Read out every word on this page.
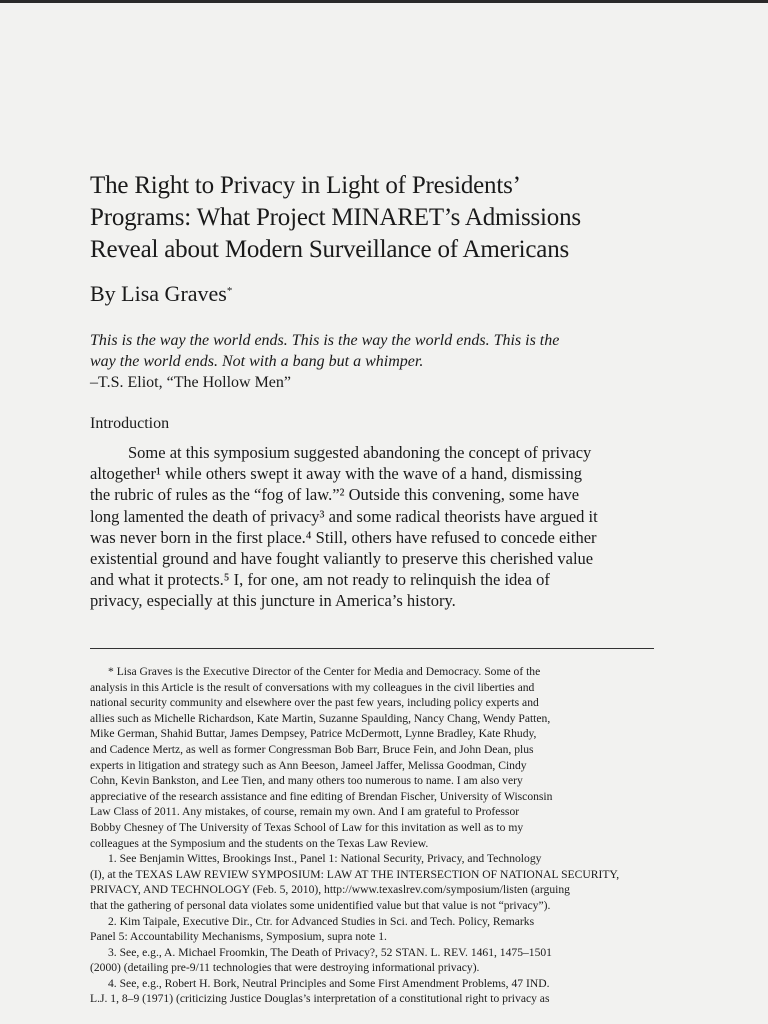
The Right to Privacy in Light of Presidents’
Programs: What Project MINARET’s Admissions
Reveal about Modern Surveillance of Americans
By Lisa Graves*
This is the way the world ends. This is the way the world ends. This is the
way the world ends. Not with a bang but a whimper.
–T.S. Eliot, “The Hollow Men”
Introduction
Some at this symposium suggested abandoning the concept of privacy
altogether¹ while others swept it away with the wave of a hand, dismissing
the rubric of rules as the “fog of law.”² Outside this convening, some have
long lamented the death of privacy³ and some radical theorists have argued it
was never born in the first place.⁴ Still, others have refused to concede either
existential ground and have fought valiantly to preserve this cherished value
and what it protects.⁵ I, for one, am not ready to relinquish the idea of
privacy, especially at this juncture in America’s history.
* Lisa Graves is the Executive Director of the Center for Media and Democracy. Some of the
analysis in this Article is the result of conversations with my colleagues in the civil liberties and
national security community and elsewhere over the past few years, including policy experts and
allies such as Michelle Richardson, Kate Martin, Suzanne Spaulding, Nancy Chang, Wendy Patten,
Mike German, Shahid Buttar, James Dempsey, Patrice McDermott, Lynne Bradley, Kate Rhudy,
and Cadence Mertz, as well as former Congressman Bob Barr, Bruce Fein, and John Dean, plus
experts in litigation and strategy such as Ann Beeson, Jameel Jaffer, Melissa Goodman, Cindy
Cohn, Kevin Bankston, and Lee Tien, and many others too numerous to name. I am also very
appreciative of the research assistance and fine editing of Brendan Fischer, University of Wisconsin
Law Class of 2011. Any mistakes, of course, remain my own. And I am grateful to Professor
Bobby Chesney of The University of Texas School of Law for this invitation as well as to my
colleagues at the Symposium and the students on the Texas Law Review.
1. See Benjamin Wittes, Brookings Inst., Panel 1: National Security, Privacy, and Technology
(I), at the TEXAS LAW REVIEW SYMPOSIUM: LAW AT THE INTERSECTION OF NATIONAL SECURITY,
PRIVACY, AND TECHNOLOGY (Feb. 5, 2010), http://www.texaslrev.com/symposium/listen (arguing
that the gathering of personal data violates some unidentified value but that value is not “privacy”).
2. Kim Taipale, Executive Dir., Ctr. for Advanced Studies in Sci. and Tech. Policy, Remarks
Panel 5: Accountability Mechanisms, Symposium, supra note 1.
3. See, e.g., A. Michael Froomkin, The Death of Privacy?, 52 STAN. L. REV. 1461, 1475–1501
(2000) (detailing pre-9/11 technologies that were destroying informational privacy).
4. See, e.g., Robert H. Bork, Neutral Principles and Some First Amendment Problems, 47 IND.
L.J. 1, 8–9 (1971) (criticizing Justice Douglas’s interpretation of a constitutional right to privacy as
